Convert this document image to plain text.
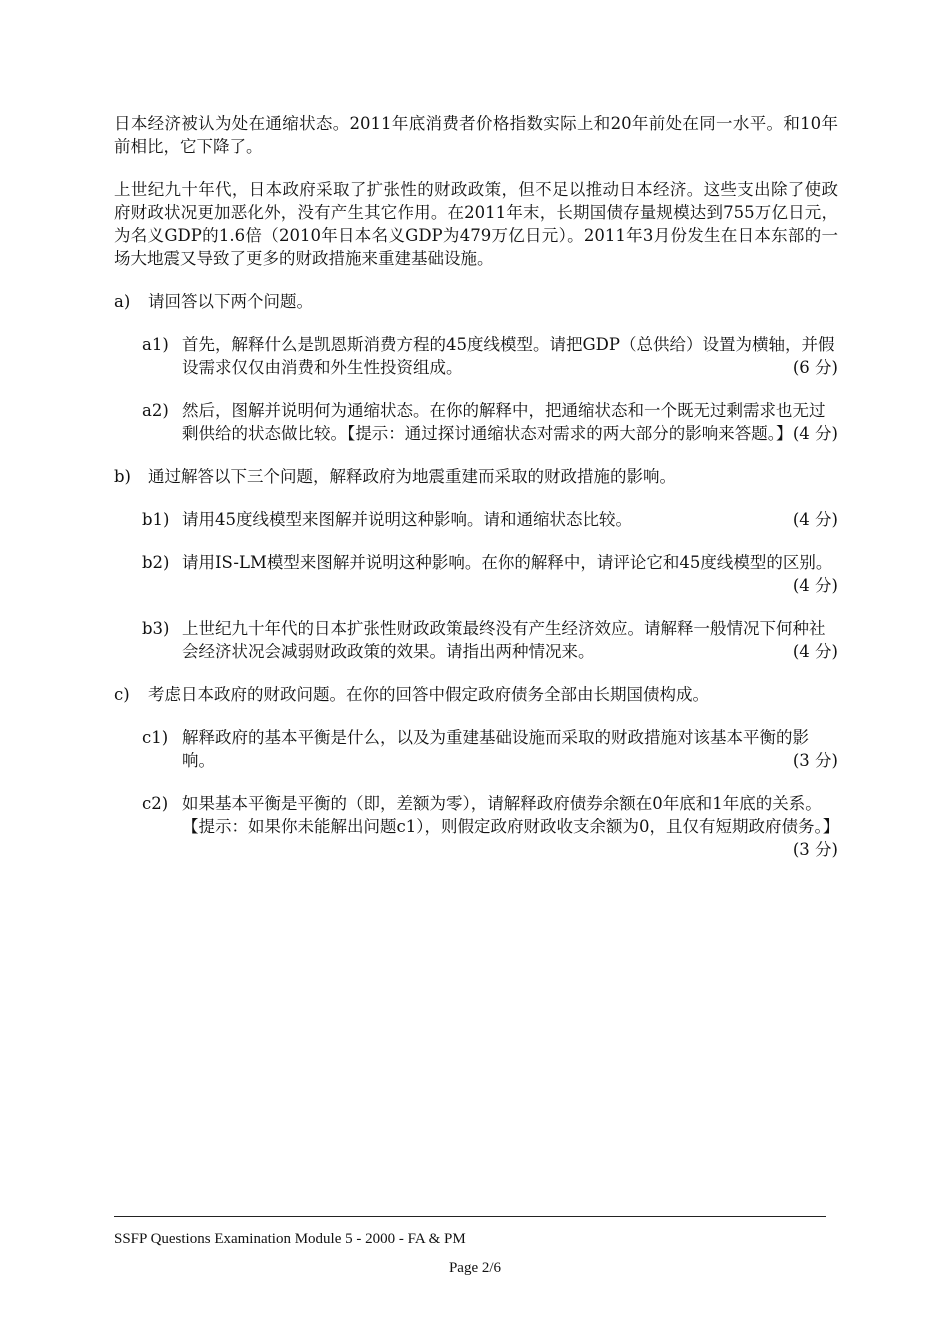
日本经济被认为处在通缩状态。2011年底消费者价格指数实际上和20年前处在同一水平。和10年前相比，它下降了。

上世纪九十年代，日本政府采取了扩张性的财政政策，但不足以推动日本经济。这些支出除了使政府财政状况更加恶化外，没有产生其它作用。在2011年末，长期国债存量规模达到755万亿日元，为名义GDP的1.6倍（2010年日本名义GDP为479万亿日元）。2011年3月份发生在日本东部的一场大地震又导致了更多的财政措施来重建基础设施。

a)	请回答以下两个问题。
a1) 首先，解释什么是凯恩斯消费方程的45度线模型。请把GDP（总供给）设置为横轴，并假设需求仅仅由消费和外生性投资组成。	(6 分)
a2) 然后，图解并说明何为通缩状态。在你的解释中，把通缩状态和一个既无过剩需求也无过剩供给的状态做比较。【提示：通过探讨通缩状态对需求的两大部分的影响来答题。】 (4 分)
b)	通过解答以下三个问题，解释政府为地震重建而采取的财政措施的影响。
b1) 请用45度线模型来图解并说明这种影响。请和通缩状态比较。	(4 分)
b2) 请用IS-LM模型来图解并说明这种影响。在你的解释中，请评论它和45度线模型的区别。
(4 分)
b3) 上世纪九十年代的日本扩张性财政政策最终没有产生经济效应。请解释一般情况下何种社会经济状况会减弱财政政策的效果。请指出两种情况来。	(4 分)
c)	考虑日本政府的财政问题。在你的回答中假定政府债务全部由长期国债构成。
c1) 解释政府的基本平衡是什么，以及为重建基础设施而采取的财政措施对该基本平衡的影响。	(3 分)
c2) 如果基本平衡是平衡的（即，差额为零），请解释政府债券余额在0年底和1年底的关系。【提示：如果你未能解出问题c1），则假定政府财政收支余额为0，且仅有短期政府债务。】
(3 分)
SSFP Questions Examination Module 5 - 2000 - FA & PM
Page 2/6
